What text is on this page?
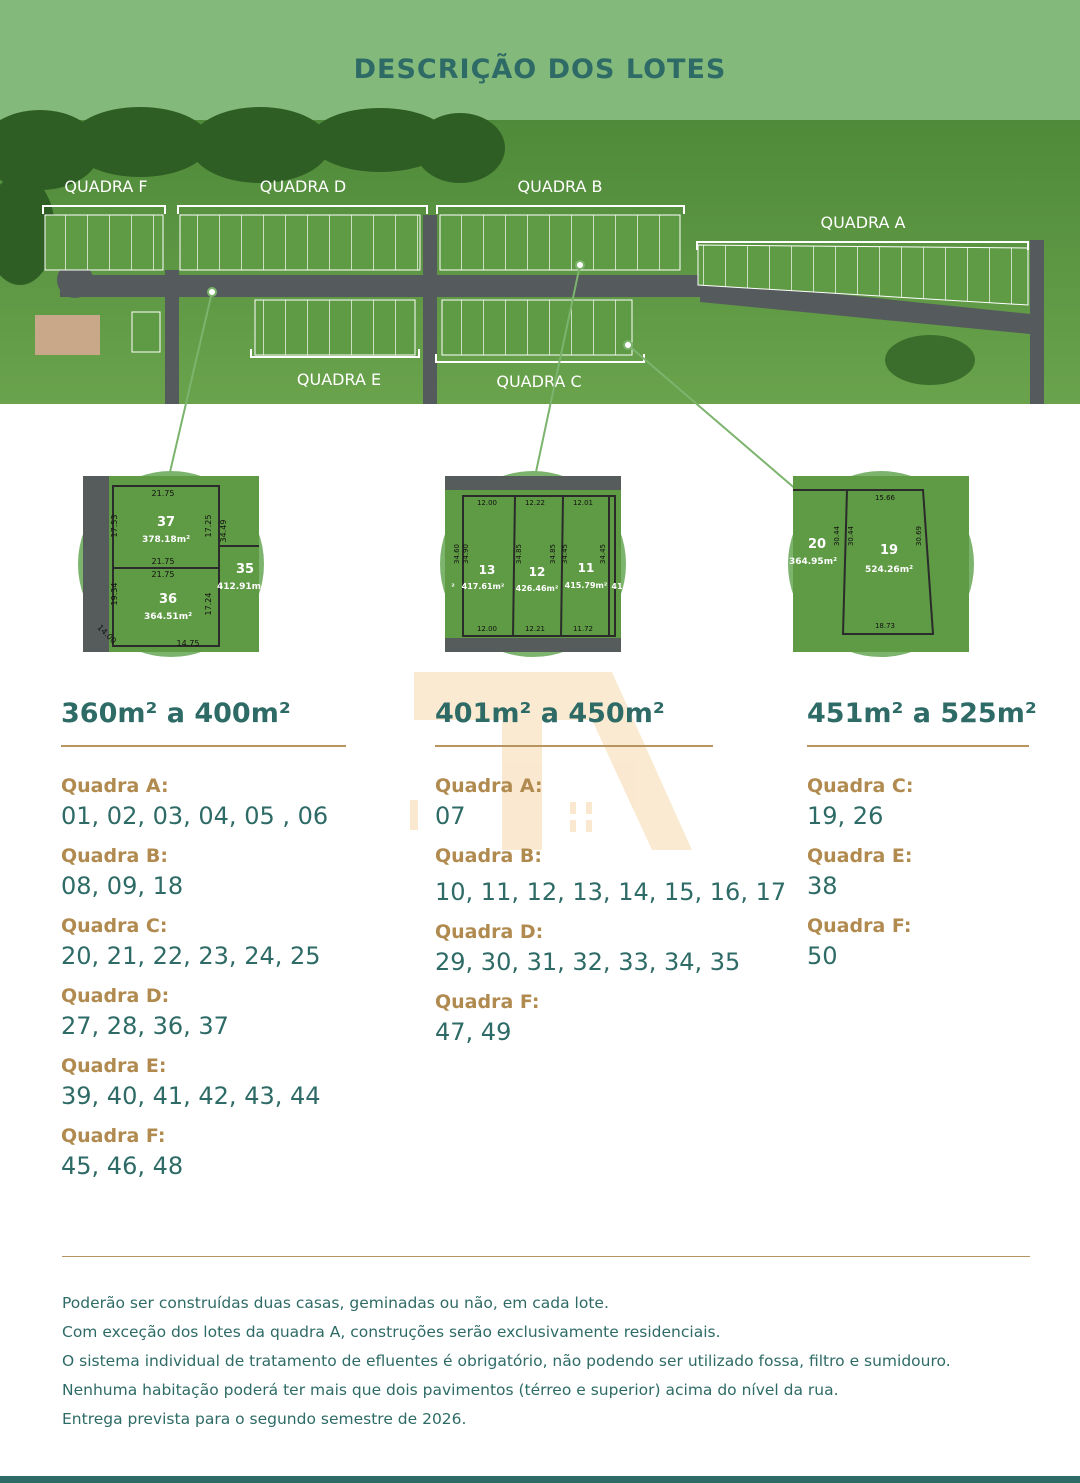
DESCRIÇÃO DOS LOTES
QUADRA F	QUADRA D	QUADRA B
QUADRA A
QUADRA E	QUADRA C
21.75
21.75
21.75
14.75
17.53	17.25 34.49
19.34	17.24
14.00
37
378.18m²
36
364.51m²
35
412.91m
12.00	12.22	12.01
12.00	12.21	11.72
34.60 34.90	34.85	34.85 34.45	34.45
13
417.61m²
12
426.46m²
11
415.79m²
²	41
15.66
30.44 30.44	30.69
18.73
20
364.95m²
19
524.26m²
360m² a 400m²
Quadra A:
01, 02, 03, 04, 05 , 06
Quadra B:
08, 09, 18
Quadra C:
20, 21, 22, 23, 24, 25
Quadra D:
27, 28, 36, 37
Quadra E:
39, 40, 41, 42, 43, 44
Quadra F:
45, 46, 48
401m² a 450m²
Quadra A:
07
Quadra B:
10, 11, 12, 13, 14, 15, 16, 17
Quadra D:
29, 30, 31, 32, 33, 34, 35
Quadra F:
47, 49
451m² a 525m²
Quadra C:
19, 26
Quadra E:
38
Quadra F:
50

Poderão ser construídas duas casas, geminadas ou não, em cada lote.

Com exceção dos lotes da quadra A, construções serão exclusivamente residenciais.

O sistema individual de tratamento de efluentes é obrigatório, não podendo ser utilizado fossa, filtro e sumidouro.

Nenhuma habitação poderá ter mais que dois pavimentos (térreo e superior) acima do nível da rua.

Entrega prevista para o segundo semestre de 2026.
